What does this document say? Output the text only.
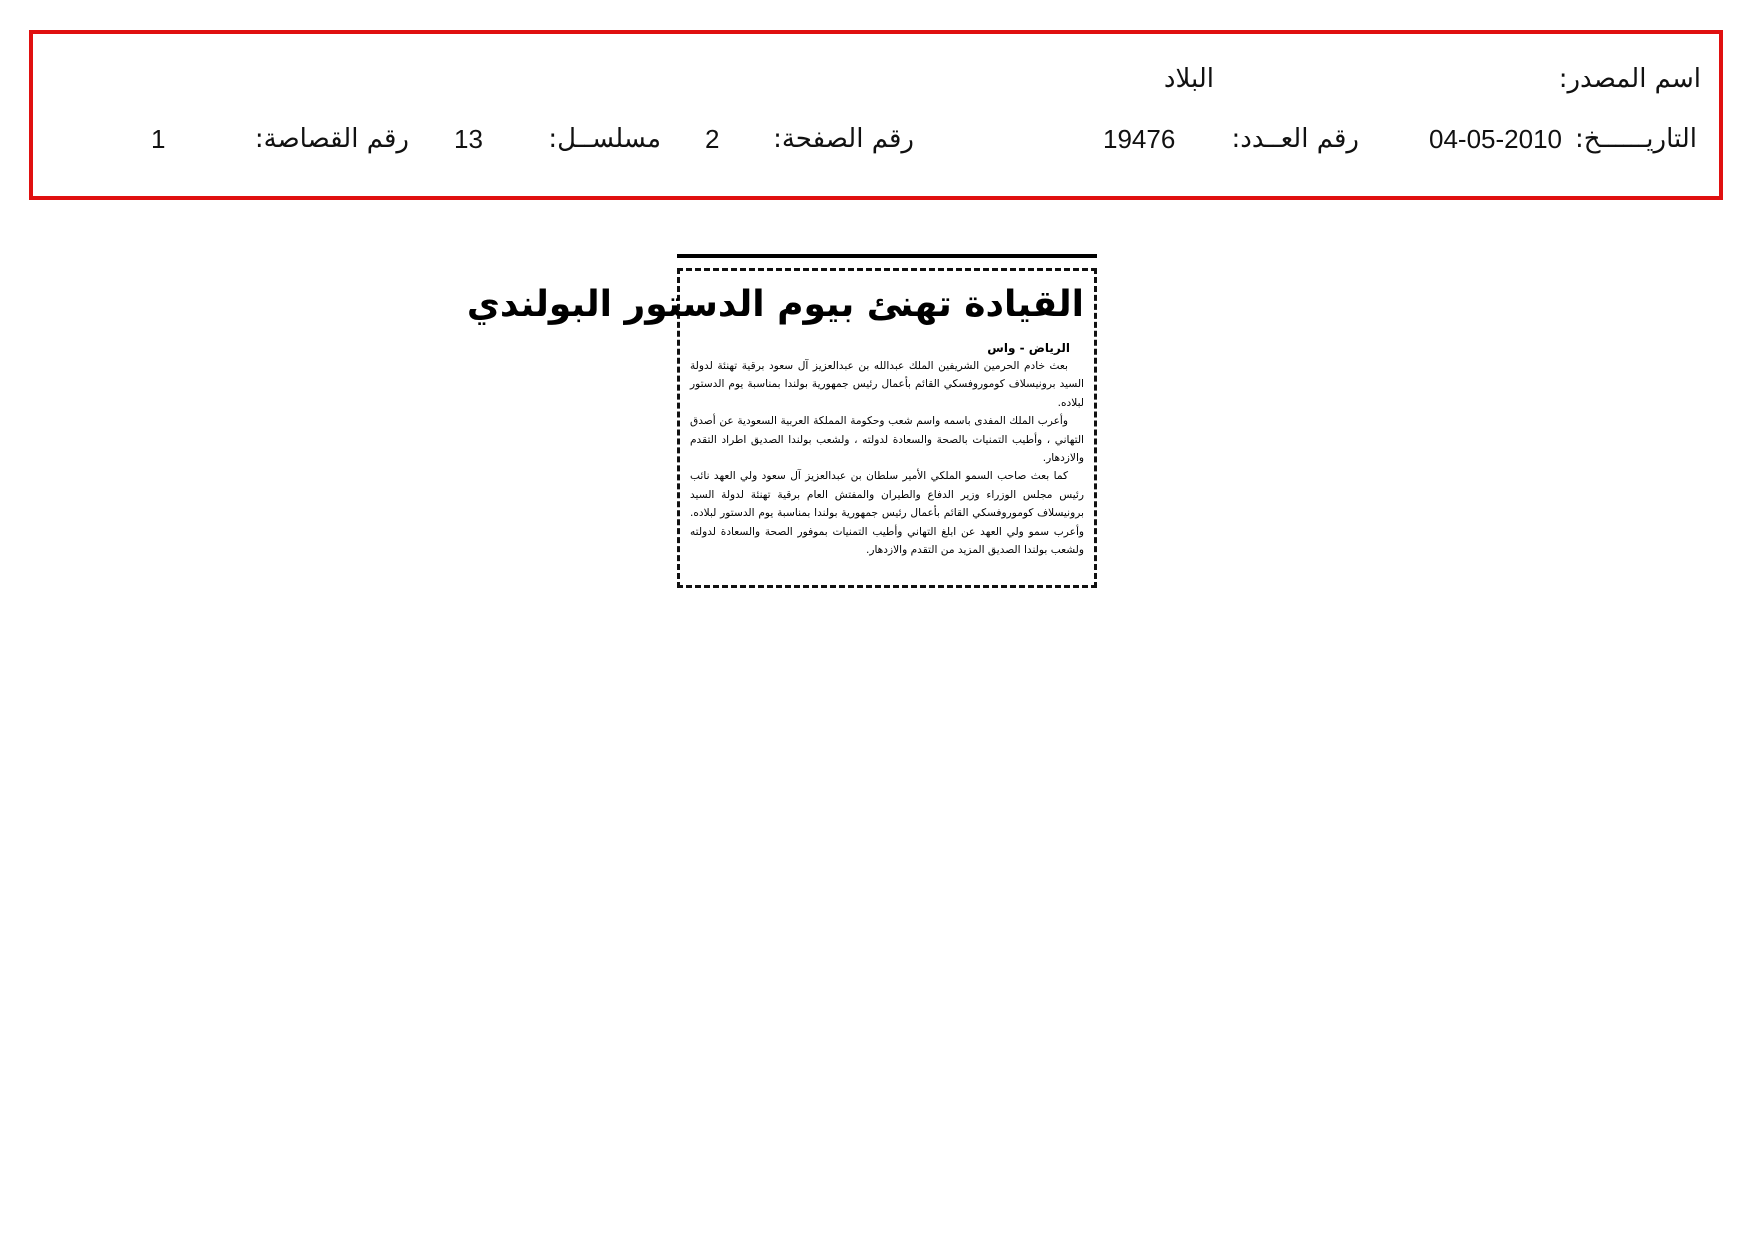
اسم المصدر:
البلاد
التاريــــــخ:
04-05-2010
رقم العــدد:
19476
رقم الصفحة:
2
مسلســل:
13
رقم القصاصة:
1
القيادة تهنئ بيوم الدستور البولندي
الرياض - واس

بعث خادم الحرمين الشريفين الملك عبدالله بن عبدالعزيز آل سعود برقية تهنئة لدولة السيد برونيسلاف كوموروفسكي القائم بأعمال رئيس جمهورية بولندا بمناسبة يوم الدستور لبلاده.

وأعرب الملك المفدى باسمه واسم شعب وحكومة المملكة العربية السعودية عن أصدق التهاني ، وأطيب التمنيات بالصحة والسعادة لدولته ، ولشعب بولندا الصديق اطراد التقدم والازدهار.

كما بعث صاحب السمو الملكي الأمير سلطان بن عبدالعزيز آل سعود ولي العهد نائب رئيس مجلس الوزراء وزير الدفاع والطيران والمفتش العام برقية تهنئة لدولة السيد برونيسلاف كوموروفسكي القائم بأعمال رئيس جمهورية بولندا بمناسبة يوم الدستور لبلاده. وأعرب سمو ولي العهد عن ابلغ التهاني وأطيب التمنيات بموفور الصحة والسعادة لدولته ولشعب بولندا الصديق المزيد من التقدم والازدهار.
